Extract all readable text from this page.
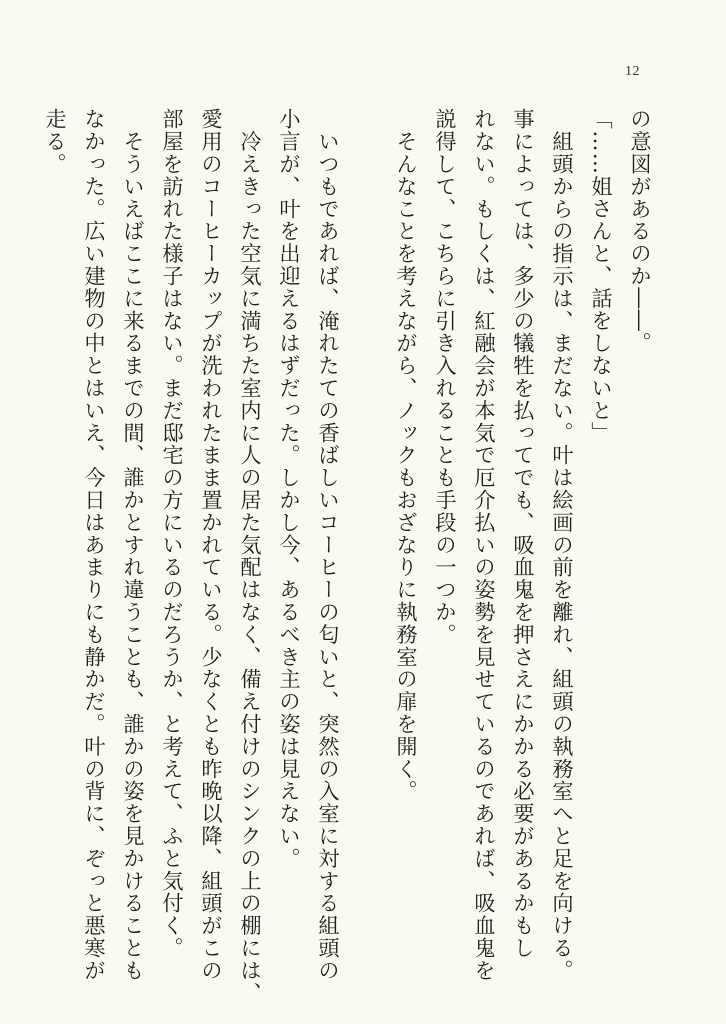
12
の意図があるのか――。
「……姐さんと、話をしないと」
　組頭からの指示は、まだない。叶は絵画の前を離れ、組頭の執務室へと足を向ける。
事によっては、多少の犠牲を払ってでも、吸血鬼を押さえにかかる必要があるかもし
れない。もしくは、紅融会が本気で厄介払いの姿勢を見せているのであれば、吸血鬼を
説得して、こちらに引き入れることも手段の一つか。
　そんなことを考えながら、ノックもおざなりに執務室の扉を開く。
　いつもであれば、淹れたての香ばしいコーヒーの匂いと、突然の入室に対する組頭の
小言が、叶を出迎えるはずだった。しかし今、あるべき主の姿は見えない。
　冷えきった空気に満ちた室内に人の居た気配はなく、備え付けのシンクの上の棚には、
愛用のコーヒーカップが洗われたまま置かれている。少なくとも昨晩以降、組頭がこの
部屋を訪れた様子はない。まだ邸宅の方にいるのだろうか、と考えて、ふと気付く。
　そういえばここに来るまでの間、誰かとすれ違うことも、誰かの姿を見かけることも
なかった。広い建物の中とはいえ、今日はあまりにも静かだ。叶の背に、ぞっと悪寒が
走る。
